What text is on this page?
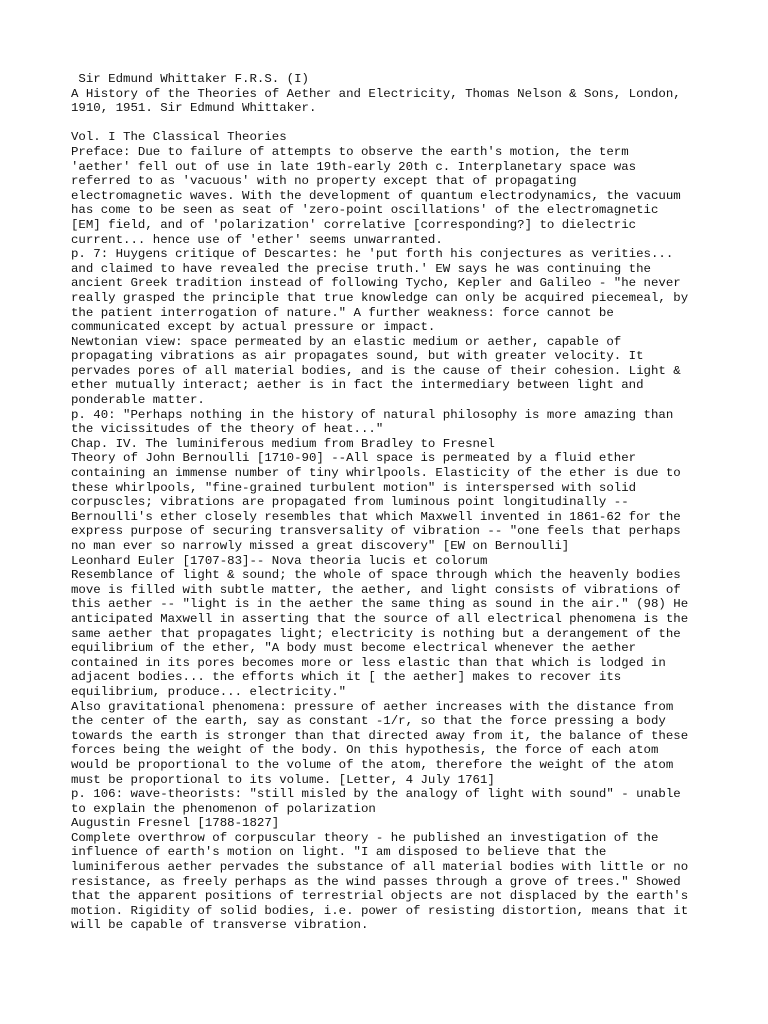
Sir Edmund Whittaker F.R.S. (I)
A History of the Theories of Aether and Electricity, Thomas Nelson & Sons, London,
1910, 1951. Sir Edmund Whittaker.
Vol. I The Classical Theories
Preface: Due to failure of attempts to observe the earth's motion, the term
'aether' fell out of use in late 19th-early 20th c. Interplanetary space was
referred to as 'vacuous' with no property except that of propagating
electromagnetic waves. With the development of quantum electrodynamics, the vacuum
has come to be seen as seat of 'zero-point oscillations' of the electromagnetic
[EM] field, and of 'polarization' correlative [corresponding?] to dielectric
current... hence use of 'ether' seems unwarranted.
p. 7: Huygens critique of Descartes: he 'put forth his conjectures as verities...
and claimed to have revealed the precise truth.' EW says he was continuing the
ancient Greek tradition instead of following Tycho, Kepler and Galileo - "he never
really grasped the principle that true knowledge can only be acquired piecemeal, by
the patient interrogation of nature." A further weakness: force cannot be
communicated except by actual pressure or impact.
Newtonian view: space permeated by an elastic medium or aether, capable of
propagating vibrations as air propagates sound, but with greater velocity. It
pervades pores of all material bodies, and is the cause of their cohesion. Light &
ether mutually interact; aether is in fact the intermediary between light and
ponderable matter.
p. 40: "Perhaps nothing in the history of natural philosophy is more amazing than
the vicissitudes of the theory of heat..."
Chap. IV. The luminiferous medium from Bradley to Fresnel
Theory of John Bernoulli [1710-90] --All space is permeated by a fluid ether
containing an immense number of tiny whirlpools. Elasticity of the ether is due to
these whirlpools, "fine-grained turbulent motion" is interspersed with solid
corpuscles; vibrations are propagated from luminous point longitudinally --
Bernoulli's ether closely resembles that which Maxwell invented in 1861-62 for the
express purpose of securing transversality of vibration -- "one feels that perhaps
no man ever so narrowly missed a great discovery" [EW on Bernoulli]
Leonhard Euler [1707-83]-- Nova theoria lucis et colorum
Resemblance of light & sound; the whole of space through which the heavenly bodies
move is filled with subtle matter, the aether, and light consists of vibrations of
this aether -- "light is in the aether the same thing as sound in the air." (98) He
anticipated Maxwell in asserting that the source of all electrical phenomena is the
same aether that propagates light; electricity is nothing but a derangement of the
equilibrium of the ether, "A body must become electrical whenever the aether
contained in its pores becomes more or less elastic than that which is lodged in
adjacent bodies... the efforts which it [ the aether] makes to recover its
equilibrium, produce... electricity."
Also gravitational phenomena: pressure of aether increases with the distance from
the center of the earth, say as constant -1/r, so that the force pressing a body
towards the earth is stronger than that directed away from it, the balance of these
forces being the weight of the body. On this hypothesis, the force of each atom
would be proportional to the volume of the atom, therefore the weight of the atom
must be proportional to its volume. [Letter, 4 July 1761]
p. 106: wave-theorists: "still misled by the analogy of light with sound" - unable
to explain the phenomenon of polarization
Augustin Fresnel [1788-1827]
Complete overthrow of corpuscular theory - he published an investigation of the
influence of earth's motion on light. "I am disposed to believe that the
luminiferous aether pervades the substance of all material bodies with little or no
resistance, as freely perhaps as the wind passes through a grove of trees." Showed
that the apparent positions of terrestrial objects are not displaced by the earth's
motion. Rigidity of solid bodies, i.e. power of resisting distortion, means that it
will be capable of transverse vibration.
